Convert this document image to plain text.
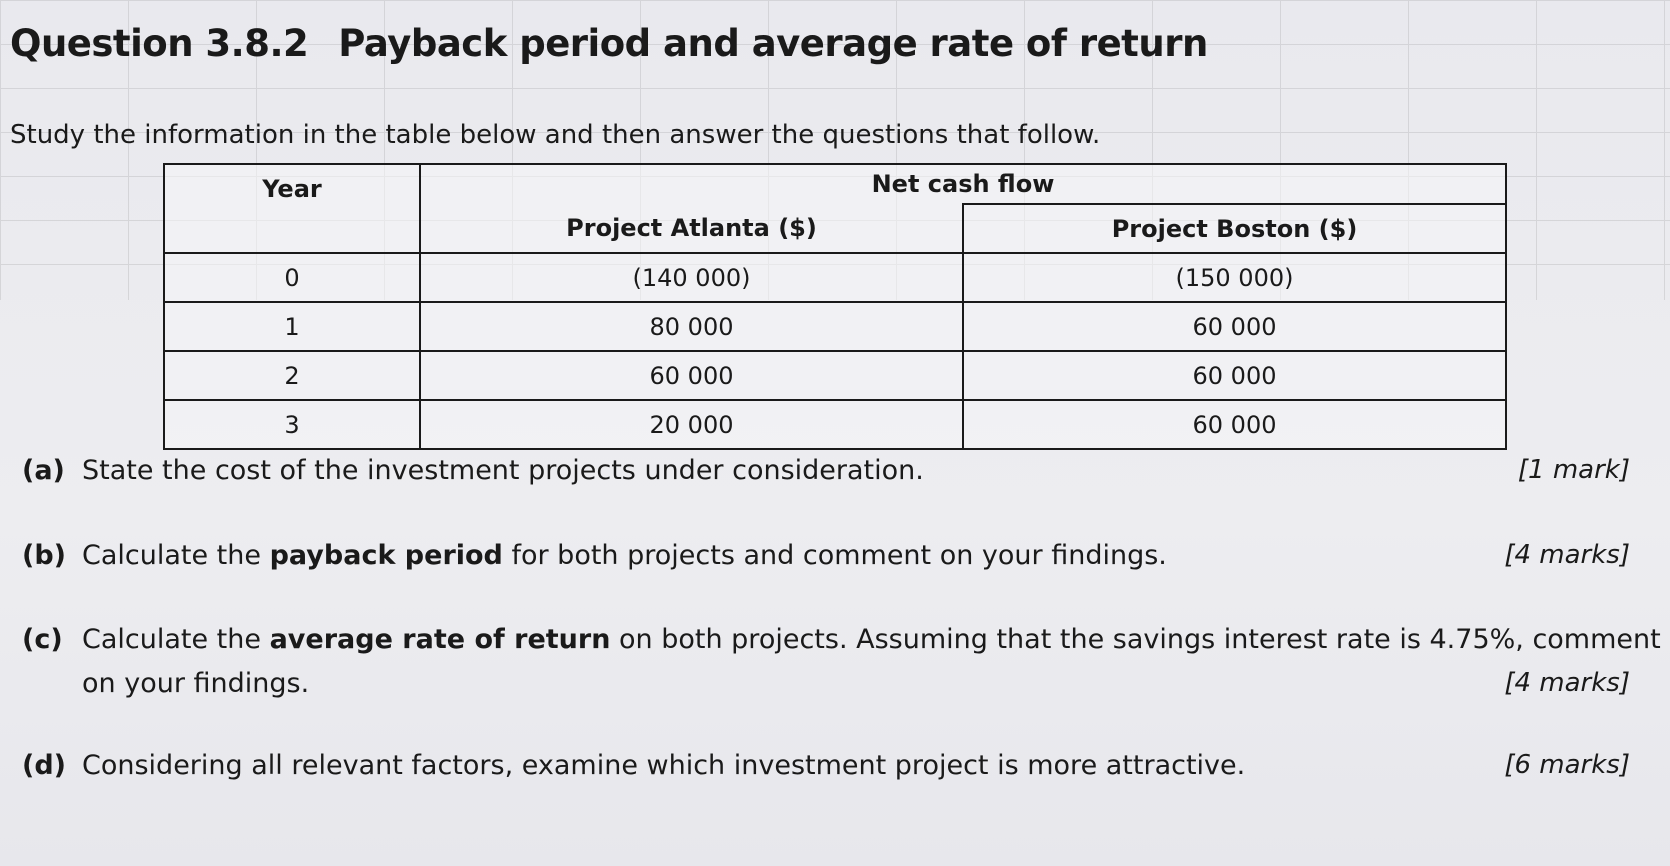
Question 3.8.2 Payback period and average rate of return
Study the information in the table below and then answer the questions that follow.
Year	Net cash flow	
	Project Atlanta ($)	Project Boston ($)
0	(140 000)	(150 000)
1	80 000	60 000
2	60 000	60 000
3	20 000	60 000
(a) State the cost of the investment projects under consideration.	[1 mark]
(b) Calculate the payback period for both projects and comment on your findings.	[4 marks]
(c) Calculate the average rate of return on both projects. Assuming that the savings interest rate is 4.75%, comment
on your findings.	[4 marks]
(d) Considering all relevant factors, examine which investment project is more attractive.	[6 marks]
